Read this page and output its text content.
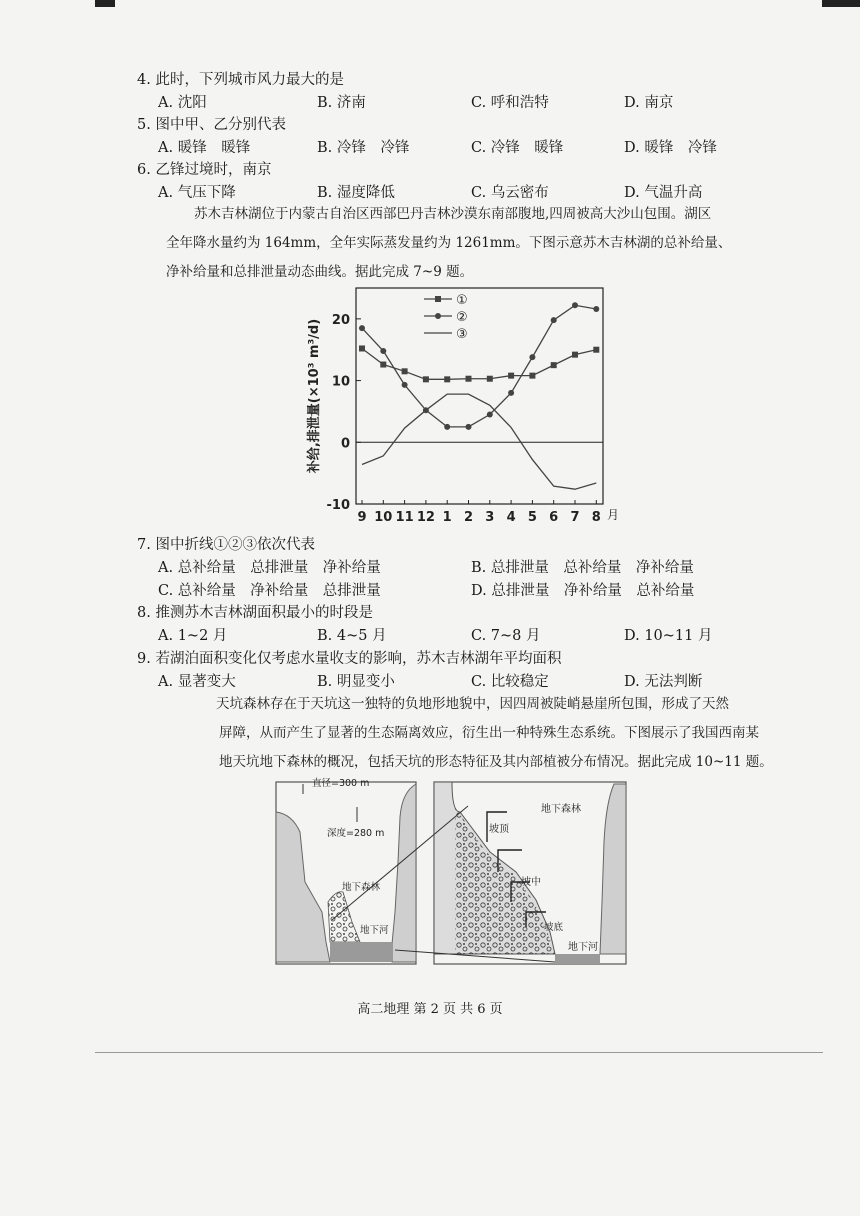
4. 此时，下列城市风力最大的是
A. 沈阳	B. 济南	C. 呼和浩特	D. 南京
5. 图中甲、乙分别代表
A. 暖锋　暖锋	B. 冷锋　冷锋	C. 冷锋　暖锋	D. 暖锋　冷锋
6. 乙锋过境时，南京
A. 气压下降	B. 湿度降低	C. 乌云密布	D. 气温升高
苏木吉林湖位于内蒙古自治区西部巴丹吉林沙漠东南部腹地,四周被高大沙山包围。湖区
全年降水量约为 164mm，全年实际蒸发量约为 1261mm。下图示意苏木吉林湖的总补给量、
净补给量和总排泄量动态曲线。据此完成 7~9 题。
20
10
0
-10
9 10 11 12 1 2 3 4 5 6 7 8 月
补给,排泄量(×10³ m³/d)
①
②
③
7. 图中折线①②③依次代表
A. 总补给量　总排泄量　净补给量	B. 总排泄量　总补给量　净补给量
C. 总补给量　净补给量　总排泄量	D. 总排泄量　净补给量　总补给量
8. 推测苏木吉林湖面积最小的时段是
A. 1~2 月	B. 4~5 月	C. 7~8 月	D. 10~11 月
9. 若湖泊面积变化仅考虑水量收支的影响，苏木吉林湖年平均面积
A. 显著变大	B. 明显变小	C. 比较稳定	D. 无法判断
天坑森林存在于天坑这一独特的负地形地貌中，因四周被陡峭悬崖所包围，形成了天然
屏障，从而产生了显著的生态隔离效应，衍生出一种特殊生态系统。下图展示了我国西南某
地天坑地下森林的概况，包括天坑的形态特征及其内部植被分布情况。据此完成 10~11 题。
直径=300 m
深度=280 m
地下森林
地下河
地下森林
坡顶
坡中
坡底
地下河
高二地理 第 2 页 共 6 页
